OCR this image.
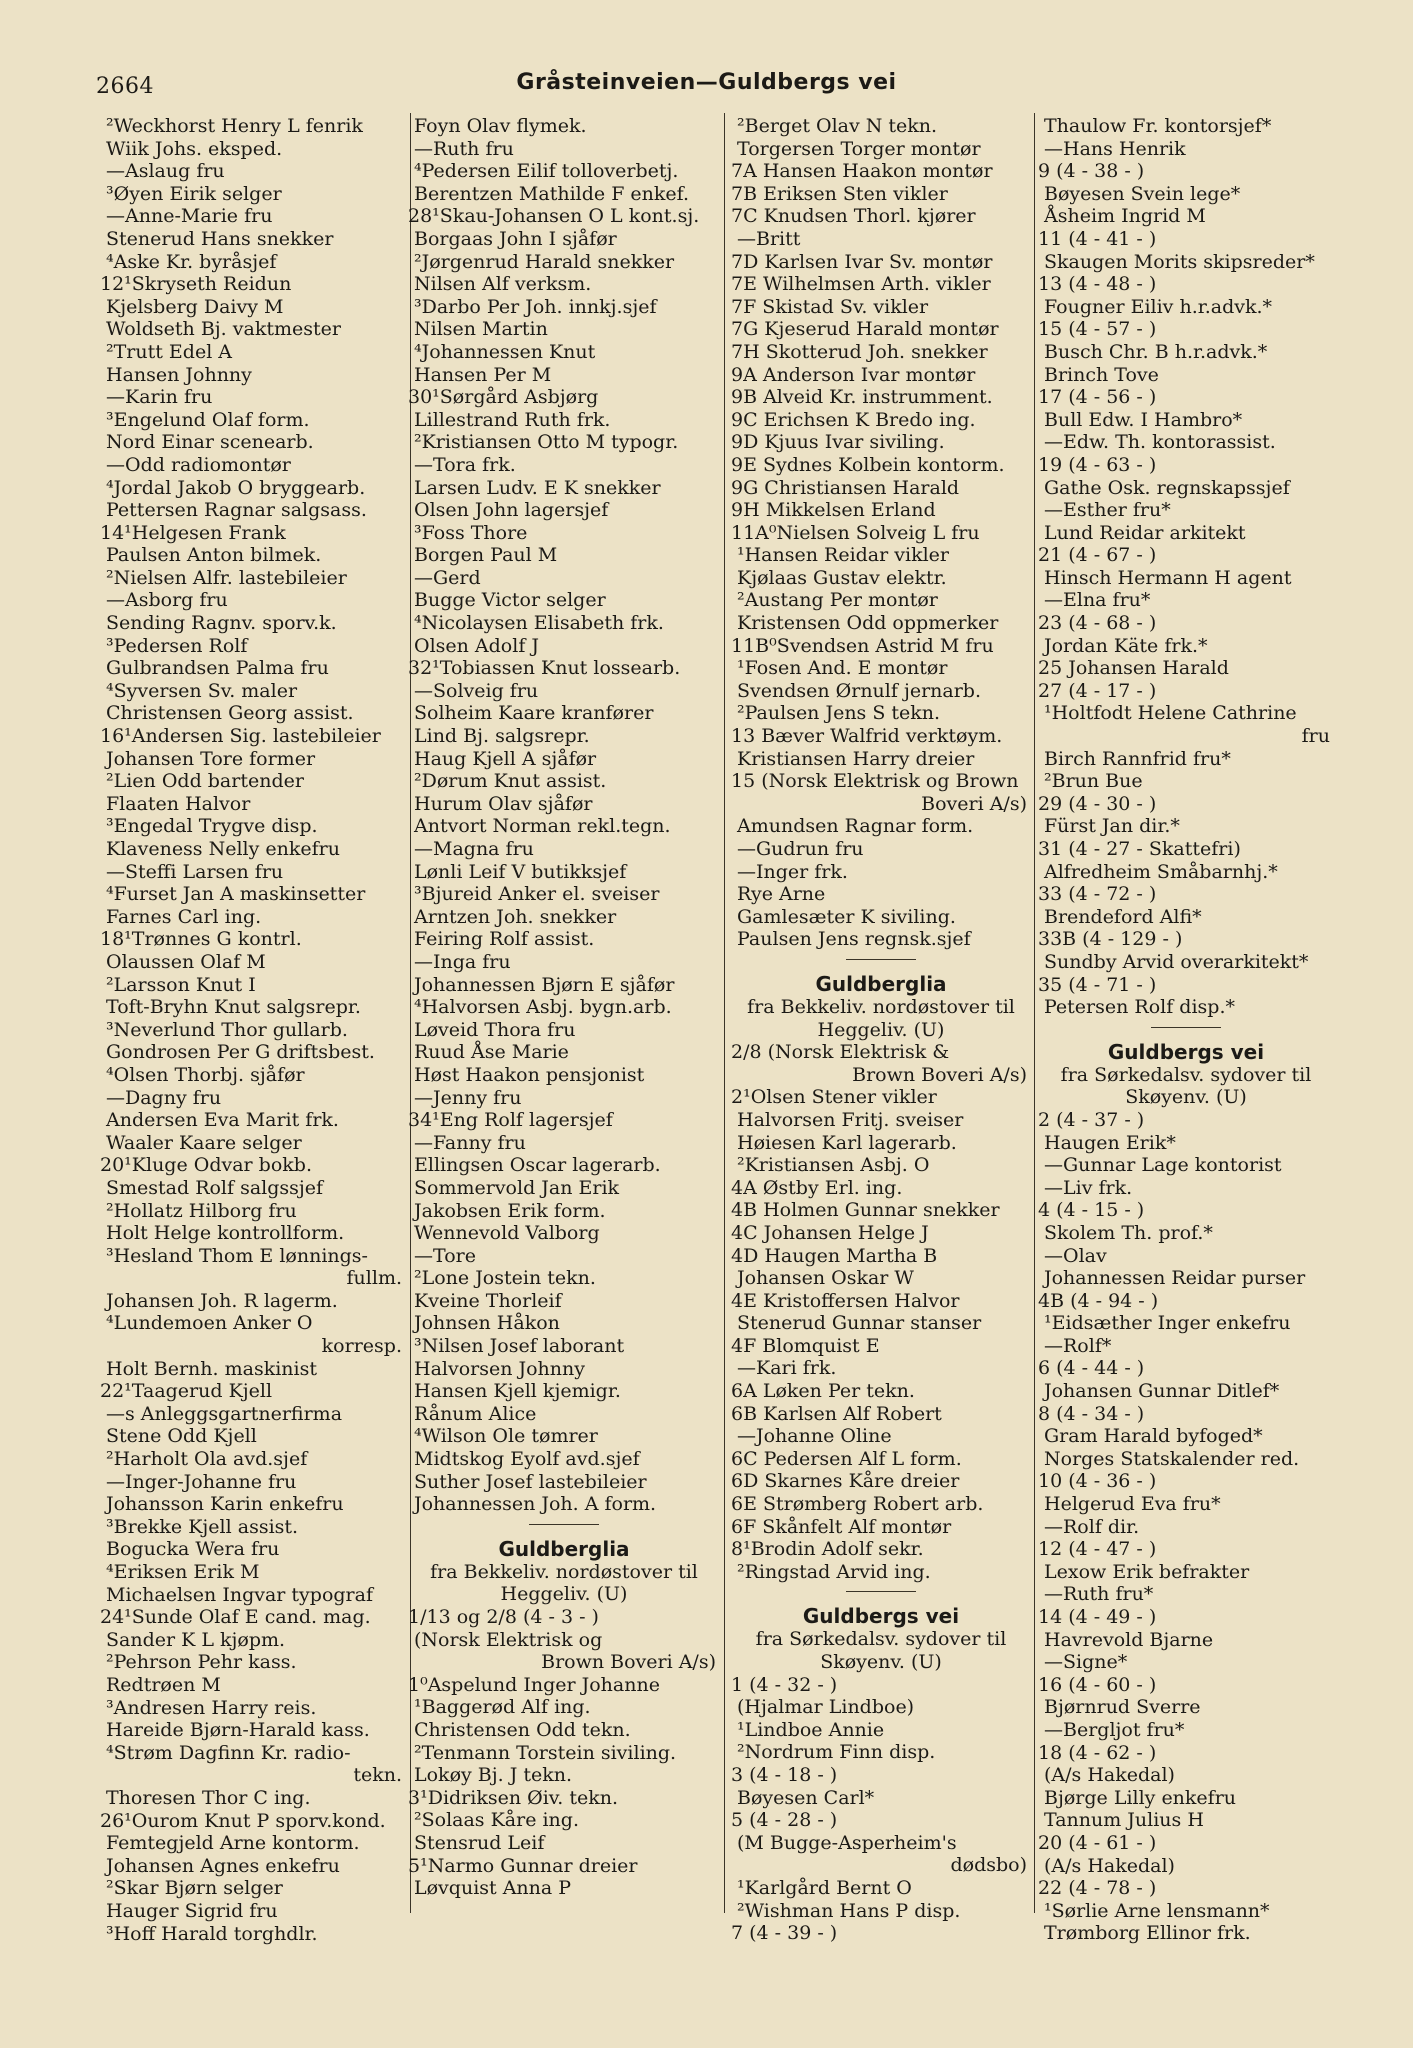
2664	Gråsteinveien—Guldbergs vei
²Weckhorst Henry L fenrik
Wiik Johs. eksped.
—Aslaug fru
³Øyen Eirik selger
—Anne-Marie fru
Stenerud Hans snekker
⁴Aske Kr. byråsjef
12¹Skryseth Reidun
Kjelsberg Daivy M
Woldseth Bj. vaktmester
²Trutt Edel A
Hansen Johnny
—Karin fru
³Engelund Olaf form.
Nord Einar scenearb.
—Odd radiomontør
⁴Jordal Jakob O bryggearb.
Pettersen Ragnar salgsass.
14¹Helgesen Frank
Paulsen Anton bilmek.
²Nielsen Alfr. lastebileier
—Asborg fru
Sending Ragnv. sporv.k.
³Pedersen Rolf
Gulbrandsen Palma fru
⁴Syversen Sv. maler
Christensen Georg assist.
16¹Andersen Sig. lastebileier
Johansen Tore former
²Lien Odd bartender
Flaaten Halvor
³Engedal Trygve disp.
Klaveness Nelly enkefru
—Steffi Larsen fru
⁴Furset Jan A maskinsetter
Farnes Carl ing.
18¹Trønnes G kontrl.
Olaussen Olaf M
²Larsson Knut I
Toft-Bryhn Knut salgsrepr.
³Neverlund Thor gullarb.
Gondrosen Per G driftsbest.
⁴Olsen Thorbj. sjåfør
—Dagny fru
Andersen Eva Marit frk.
Waaler Kaare selger
20¹Kluge Odvar bokb.
Smestad Rolf salgssjef
²Hollatz Hilborg fru
Holt Helge kontrollform.
³Hesland Thom E lønnings-
fullm.
Johansen Joh. R lagerm.
⁴Lundemoen Anker O
korresp.
Holt Bernh. maskinist
22¹Taagerud Kjell
—s Anleggsgartnerfirma
Stene Odd Kjell
²Harholt Ola avd.sjef
—Inger-Johanne fru
Johansson Karin enkefru
³Brekke Kjell assist.
Bogucka Wera fru
⁴Eriksen Erik M
Michaelsen Ingvar typograf
24¹Sunde Olaf E cand. mag.
Sander K L kjøpm.
²Pehrson Pehr kass.
Redtrøen M
³Andresen Harry reis.
Hareide Bjørn-Harald kass.
⁴Strøm Dagfinn Kr. radio-
tekn.
Thoresen Thor C ing.
26¹Ourom Knut P sporv.kond.
Femtegjeld Arne kontorm.
Johansen Agnes enkefru
²Skar Bjørn selger
Hauger Sigrid fru
³Hoff Harald torghdlr.
Foyn Olav flymek.
—Ruth fru
⁴Pedersen Eilif tolloverbetj.
Berentzen Mathilde F enkef.
28¹Skau-Johansen O L kont.sj.
Borgaas John I sjåfør
²Jørgenrud Harald snekker
Nilsen Alf verksm.
³Darbo Per Joh. innkj.sjef
Nilsen Martin
⁴Johannessen Knut
Hansen Per M
30¹Sørgård Asbjørg
Lillestrand Ruth frk.
²Kristiansen Otto M typogr.
—Tora frk.
Larsen Ludv. E K snekker
Olsen John lagersjef
³Foss Thore
Borgen Paul M
—Gerd
Bugge Victor selger
⁴Nicolaysen Elisabeth frk.
Olsen Adolf J
32¹Tobiassen Knut lossearb.
—Solveig fru
Solheim Kaare kranfører
Lind Bj. salgsrepr.
Haug Kjell A sjåfør
²Dørum Knut assist.
Hurum Olav sjåfør
Antvort Norman rekl.tegn.
—Magna fru
Lønli Leif V butikksjef
³Bjureid Anker el. sveiser
Arntzen Joh. snekker
Feiring Rolf assist.
—Inga fru
Johannessen Bjørn E sjåfør
⁴Halvorsen Asbj. bygn.arb.
Løveid Thora fru
Ruud Åse Marie
Høst Haakon pensjonist
—Jenny fru
34¹Eng Rolf lagersjef
—Fanny fru
Ellingsen Oscar lagerarb.
Sommervold Jan Erik
Jakobsen Erik form.
Wennevold Valborg
—Tore
²Lone Jostein tekn.
Kveine Thorleif
Johnsen Håkon
³Nilsen Josef laborant
Halvorsen Johnny
Hansen Kjell kjemigr.
Rånum Alice
⁴Wilson Ole tømrer
Midtskog Eyolf avd.sjef
Suther Josef lastebileier
Johannessen Joh. A form.
Guldberglia
fra Bekkeliv. nordøstover til
Heggeliv. (U)
1/13 og 2/8 (4 - 3 - )
(Norsk Elektrisk og
Brown Boveri A/s)
1⁰Aspelund Inger Johanne
¹Baggerød Alf ing.
Christensen Odd tekn.
²Tenmann Torstein siviling.
Lokøy Bj. J tekn.
3¹Didriksen Øiv. tekn.
²Solaas Kåre ing.
Stensrud Leif
5¹Narmo Gunnar dreier
Løvquist Anna P
²Berget Olav N tekn.
Torgersen Torger montør
7A Hansen Haakon montør
7B Eriksen Sten vikler
7C Knudsen Thorl. kjører
—Britt
7D Karlsen Ivar Sv. montør
7E Wilhelmsen Arth. vikler
7F Skistad Sv. vikler
7G Kjeserud Harald montør
7H Skotterud Joh. snekker
9A Anderson Ivar montør
9B Alveid Kr. instrumment.
9C Erichsen K Bredo ing.
9D Kjuus Ivar siviling.
9E Sydnes Kolbein kontorm.
9G Christiansen Harald
9H Mikkelsen Erland
11A⁰Nielsen Solveig L fru
¹Hansen Reidar vikler
Kjølaas Gustav elektr.
²Austang Per montør
Kristensen Odd oppmerker
11B⁰Svendsen Astrid M fru
¹Fosen And. E montør
Svendsen Ørnulf jernarb.
²Paulsen Jens S tekn.
13 Bæver Walfrid verktøym.
Kristiansen Harry dreier
15 (Norsk Elektrisk og Brown
Boveri A/s)
Amundsen Ragnar form.
—Gudrun fru
—Inger frk.
Rye Arne
Gamlesæter K siviling.
Paulsen Jens regnsk.sjef
Guldberglia
fra Bekkeliv. nordøstover til
Heggeliv. (U)
2/8 (Norsk Elektrisk &
Brown Boveri A/s)
2¹Olsen Stener vikler
Halvorsen Fritj. sveiser
Høiesen Karl lagerarb.
²Kristiansen Asbj. O
4A Østby Erl. ing.
4B Holmen Gunnar snekker
4C Johansen Helge J
4D Haugen Martha B
Johansen Oskar W
4E Kristoffersen Halvor
Stenerud Gunnar stanser
4F Blomquist E
—Kari frk.
6A Løken Per tekn.
6B Karlsen Alf Robert
—Johanne Oline
6C Pedersen Alf L form.
6D Skarnes Kåre dreier
6E Strømberg Robert arb.
6F Skånfelt Alf montør
8¹Brodin Adolf sekr.
²Ringstad Arvid ing.
Guldbergs vei
fra Sørkedalsv. sydover til
Skøyenv. (U)
1 (4 - 32 - )
(Hjalmar Lindboe)
¹Lindboe Annie
²Nordrum Finn disp.
3 (4 - 18 - )
Bøyesen Carl*
5 (4 - 28 - )
(M Bugge-Asperheim's
dødsbo)
¹Karlgård Bernt O
²Wishman Hans P disp.
7 (4 - 39 - )
Thaulow Fr. kontorsjef*
—Hans Henrik
9 (4 - 38 - )
Bøyesen Svein lege*
Åsheim Ingrid M
11 (4 - 41 - )
Skaugen Morits skipsreder*
13 (4 - 48 - )
Fougner Eiliv h.r.advk.*
15 (4 - 57 - )
Busch Chr. B h.r.advk.*
Brinch Tove
17 (4 - 56 - )
Bull Edw. I Hambro*
—Edw. Th. kontorassist.
19 (4 - 63 - )
Gathe Osk. regnskapssjef
—Esther fru*
Lund Reidar arkitekt
21 (4 - 67 - )
Hinsch Hermann H agent
—Elna fru*
23 (4 - 68 - )
Jordan Käte frk.*
25 Johansen Harald
27 (4 - 17 - )
¹Holtfodt Helene Cathrine
fru
Birch Rannfrid fru*
²Brun Bue
29 (4 - 30 - )
Fürst Jan dir.*
31 (4 - 27 - Skattefri)
Alfredheim Småbarnhj.*
33 (4 - 72 - )
Brendeford Alfi*
33B (4 - 129 - )
Sundby Arvid overarkitekt*
35 (4 - 71 - )
Petersen Rolf disp.*
Guldbergs vei
fra Sørkedalsv. sydover til
Skøyenv. (U)
2 (4 - 37 - )
Haugen Erik*
—Gunnar Lage kontorist
—Liv frk.
4 (4 - 15 - )
Skolem Th. prof.*
—Olav
Johannessen Reidar purser
4B (4 - 94 - )
¹Eidsæther Inger enkefru
—Rolf*
6 (4 - 44 - )
Johansen Gunnar Ditlef*
8 (4 - 34 - )
Gram Harald byfoged*
Norges Statskalender red.
10 (4 - 36 - )
Helgerud Eva fru*
—Rolf dir.
12 (4 - 47 - )
Lexow Erik befrakter
—Ruth fru*
14 (4 - 49 - )
Havrevold Bjarne
—Signe*
16 (4 - 60 - )
Bjørnrud Sverre
—Bergljot fru*
18 (4 - 62 - )
(A/s Hakedal)
Bjørge Lilly enkefru
Tannum Julius H
20 (4 - 61 - )
(A/s Hakedal)
22 (4 - 78 - )
¹Sørlie Arne lensmann*
Trømborg Ellinor frk.
